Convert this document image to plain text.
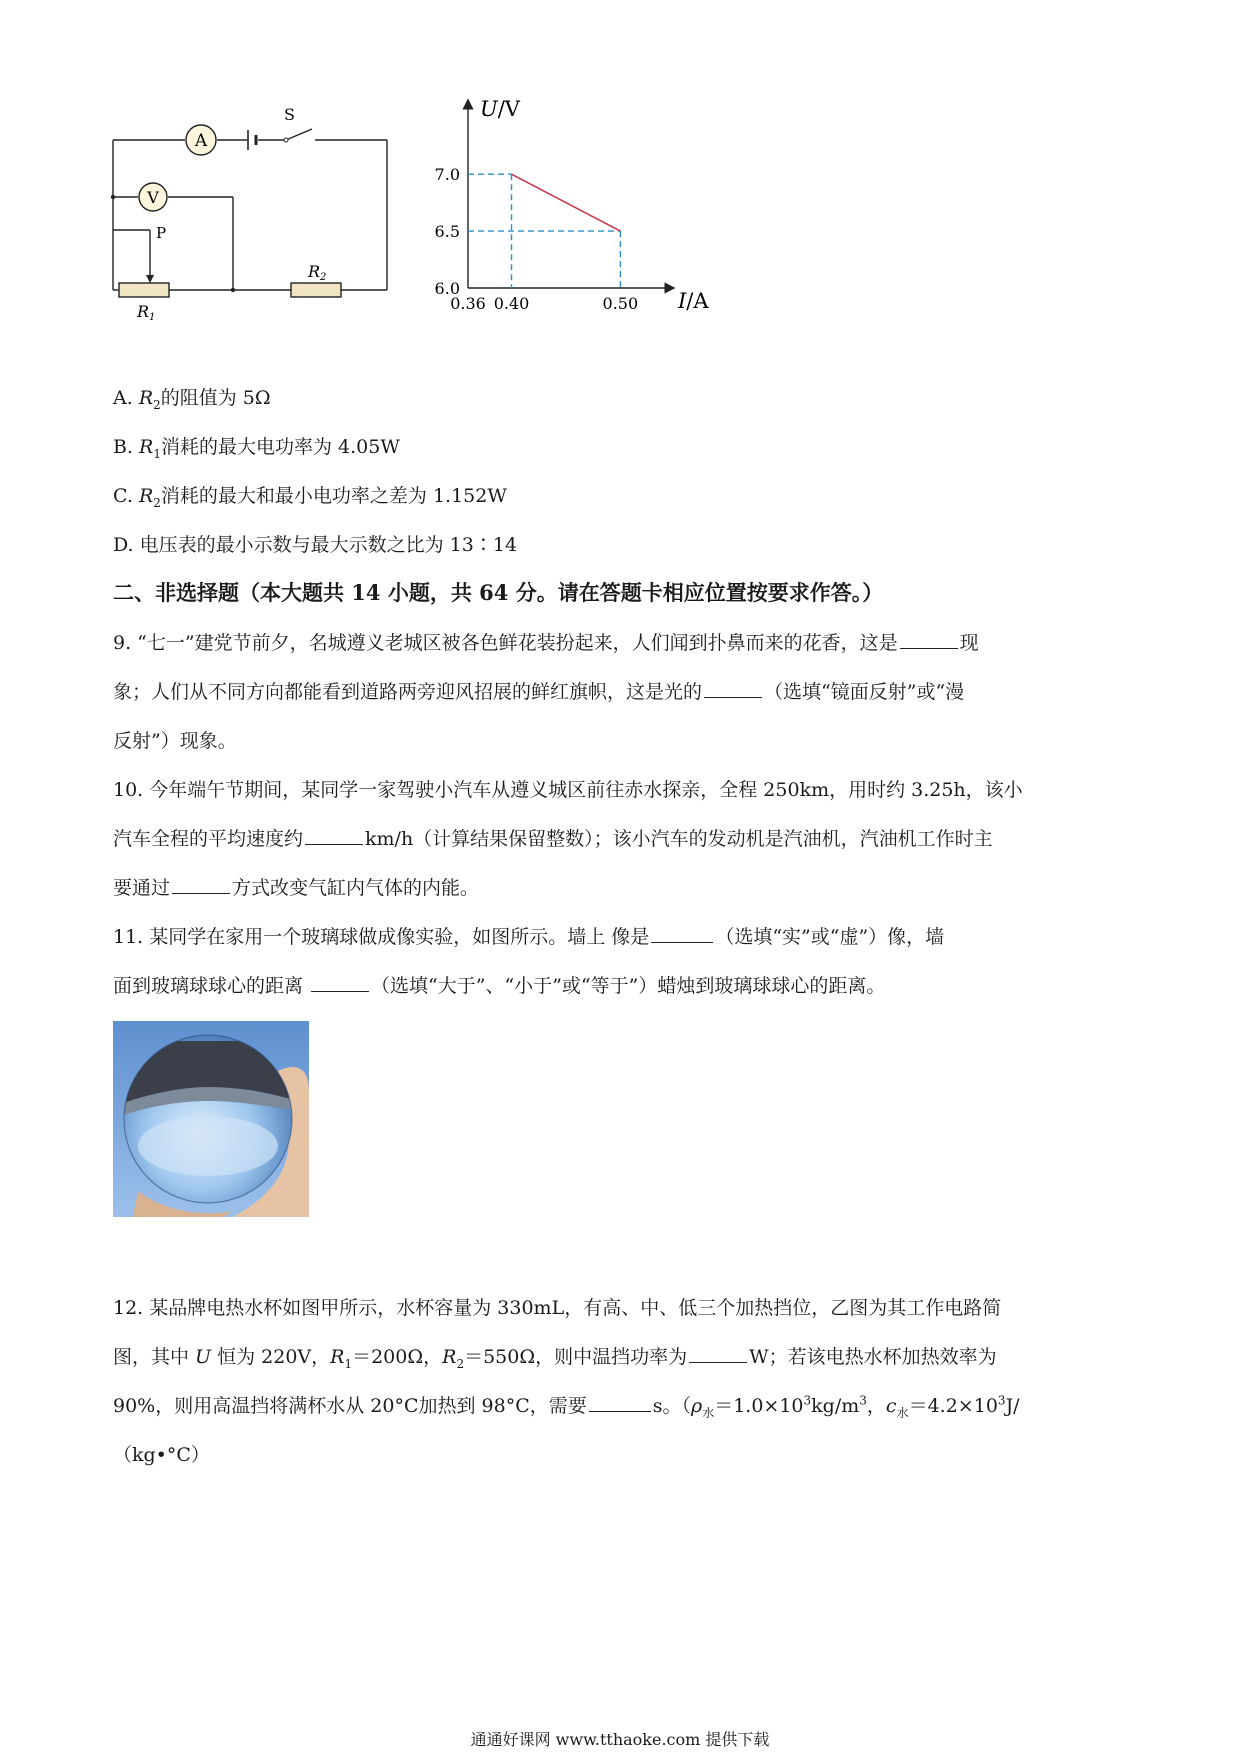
A
V
S
P
R1
R2
0.36 0.40	0.50
7.0
6.5
6.0
U/V
I/A
A. $R_2$的阻值为 5Ω
B. $R_1$消耗的最大电功率为 4.05W
C. $R_2$消耗的最大和最小电功率之差为 1.152W
D. 电压表的最小示数与最大示数之比为 13∶14
二、非选择题（本大题共 14 小题，共 64 分。请在答题卡相应位置按要求作答。）
9. “七一”建党节前夕，名城遵义老城区被各色鲜花装扮起来，人们闻到扑鼻而来的花香，这是	现
象；人们从不同方向都能看到道路两旁迎风招展的鲜红旗帜，这是光的	（选填“镜面反射”或“漫
反射”）现象。
10. 今年端午节期间，某同学一家驾驶小汽车从遵义城区前往赤水探亲，全程 250km，用时约 3.25h，该小
汽车全程的平均速度约	km/h（计算结果保留整数）；该小汽车的发动机是汽油机，汽油机工作时主
要通过	方式改变气缸内气体的内能。
11. 某同学在家用一个玻璃球做成像实验，如图所示。墙上 像是	（选填“实”或“虚”）像，墙
面到玻璃球球心的距离	（选填“大于”、“小于”或“等于”）蜡烛到玻璃球球心的距离。
12. 某品牌电热水杯如图甲所示，水杯容量为 330mL，有高、中、低三个加热挡位，乙图为其工作电路简
图，其中 U 恒为 220V，$R_1=200\Omega$，$R_2=550\Omega$，则中温挡功率为	W；若该电热水杯加热效率为
90%，则用高温挡将满杯水从 20°C加热到 98°C，需要	s。（$\rho_水=1.0\times 10^3kg/m^3$，$c_水=4.2\times 10^3J/$
（kg•°C）
通通好课网 www.tthaoke.com 提供下载
